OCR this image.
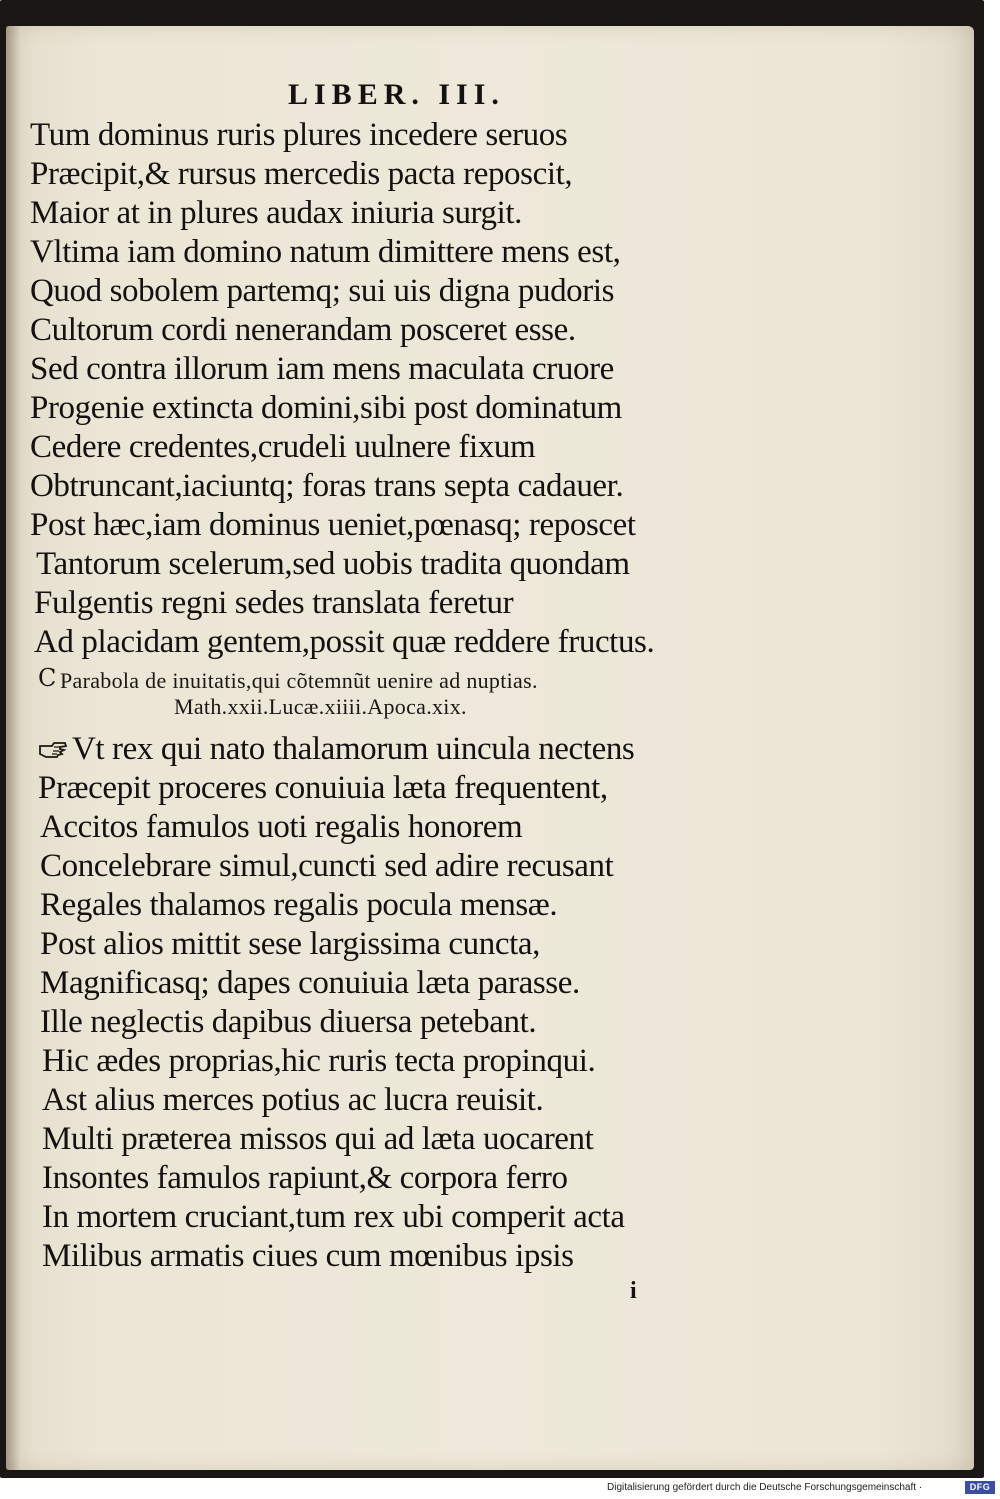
LIBER. III.
Tum dominus ruris plures incedere seruos
Præcipit,& rursus mercedis pacta reposcit,
Maior at in plures audax iniuria surgit.
Vltima iam domino natum dimittere mens est,
Quod sobolem partemq; sui uis digna pudoris
Cultorum cordi nenerandam posceret esse.
Sed contra illorum iam mens maculata cruore
Progenie extincta domini,sibi post dominatum
Cedere credentes,crudeli uulnere fixum
Obtruncant,iaciuntq; foras trans septa cadauer.
Post hæc,iam dominus ueniet,pœnasq; reposcet
Tantorum scelerum,sed uobis tradita quondam
Fulgentis regni sedes translata feretur
Ad placidam gentem,possit quæ reddere fructus.
C Parabola de inuitatis,qui cõtemnũt uenire ad nuptias.
Math.xxii.Lucæ.xiiii.Apoca.xix.
Vt rex qui nato thalamorum uincula nectens
Præcepit proceres conuiuia læta frequentent,
Accitos famulos uoti regalis honorem
Concelebrare simul,cuncti sed adire recusant
Regales thalamos regalis pocula mensæ.
Post alios mittit sese largissima cuncta,
Magnificasq; dapes conuiuia læta parasse.
Ille neglectis dapibus diuersa petebant.
Hic ædes proprias,hic ruris tecta propinqui.
Ast alius merces potius ac lucra reuisit.
Multi præterea missos qui ad læta uocarent
Insontes famulos rapiunt,& corpora ferro
In mortem cruciant,tum rex ubi comperit acta
Milibus armatis ciues cum mœnibus ipsis
i
Digitalisierung gefördert durch die Deutsche Forschungsgemeinschaft ·	DFG
